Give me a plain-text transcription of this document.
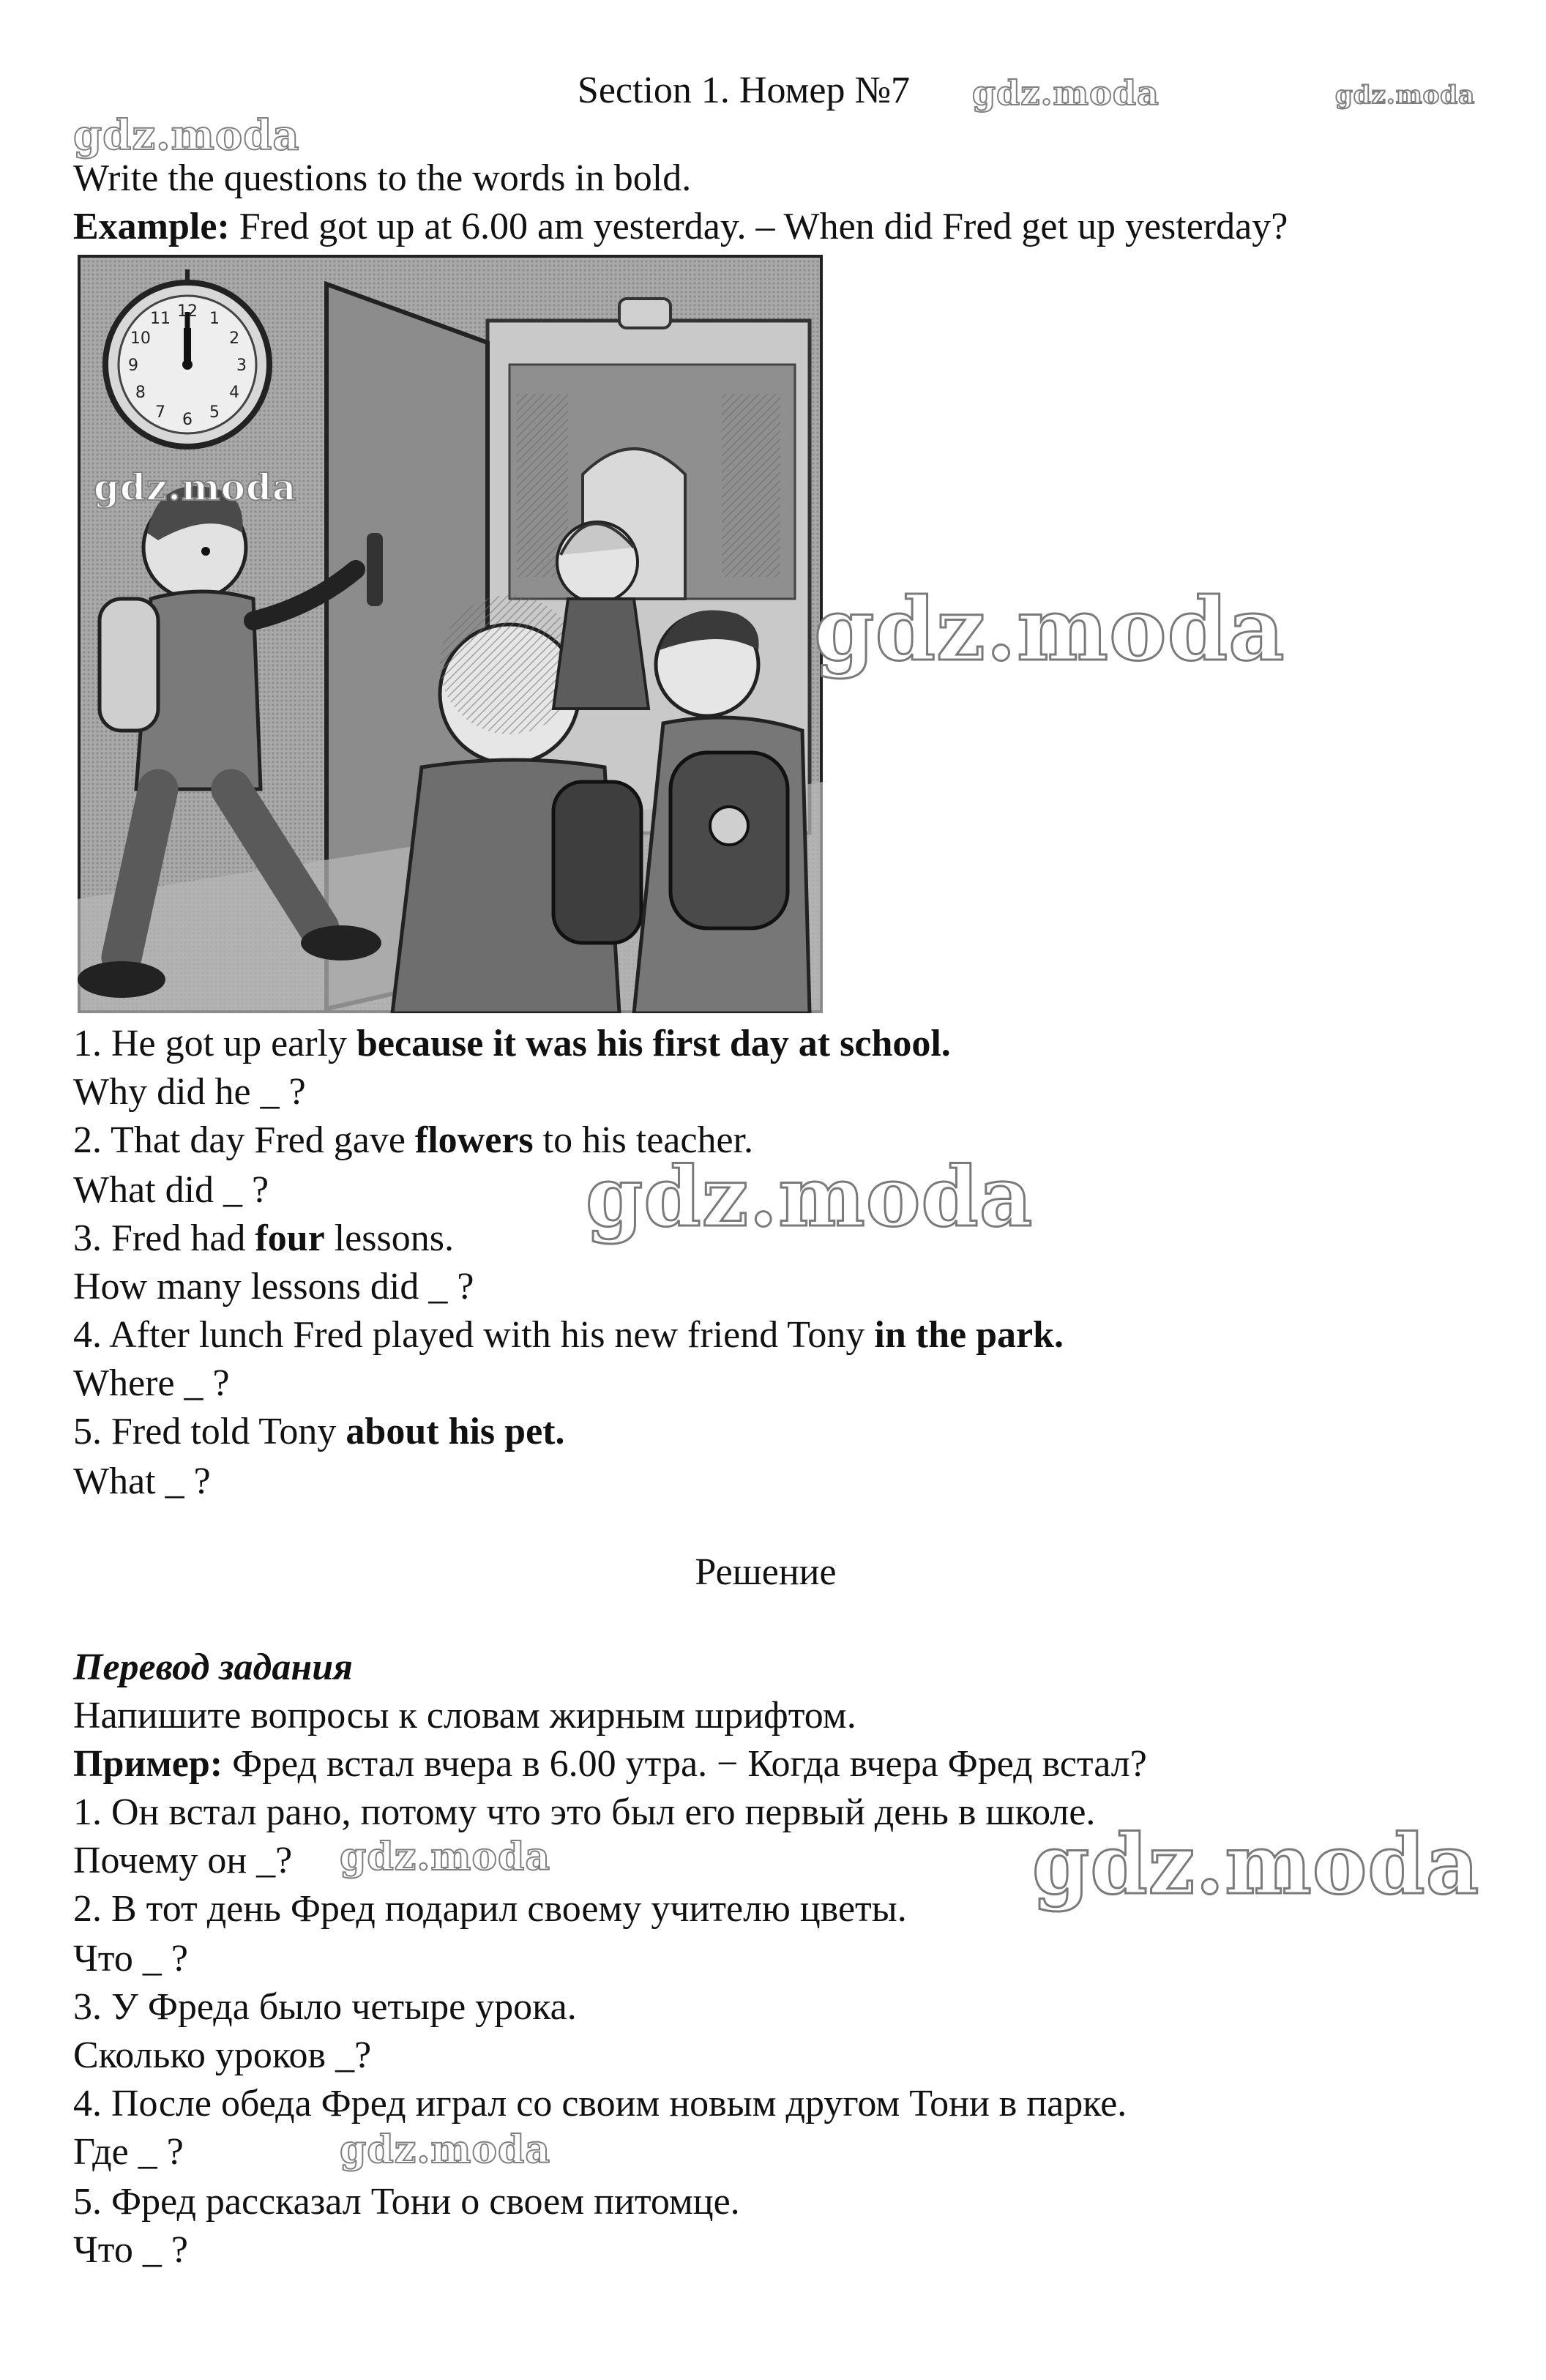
Section 1. Номер №7	gdz.moda	gdz.moda
gdz.moda
Write the questions to the words in bold.
Example: Fred got up at 6.00 am yesterday. – When did Fred get up yesterday?
12 1
2
3
4
5
6
7
8
9
10
11
gdz.moda
gdz.moda
gdz.moda
1. He got up early because it was his first day at school.
Why did he _ ?
2. That day Fred gave flowers to his teacher.
What did _ ?
3. Fred had four lessons.
How many lessons did _ ?
4. After lunch Fred played with his new friend Tony in the park.
Where _ ?
5. Fred told Tony about his pet.
What _ ?
Решение
Перевод задания
Напишите вопросы к словам жирным шрифтом.
Пример: Фред встал вчера в 6.00 утра. − Когда вчера Фред встал?
1. Он встал рано, потому что это был его первый день в школе.
Почему он _?
2. В тот день Фред подарил своему учителю цветы.
Что _ ?
3. У Фреда было четыре урока.
Сколько уроков _?
4. После обеда Фред играл со своим новым другом Тони в парке.
Где _ ?
5. Фред рассказал Тони о своем питомце.
Что _ ?
gdz.moda	gdz.moda
gdz.moda
